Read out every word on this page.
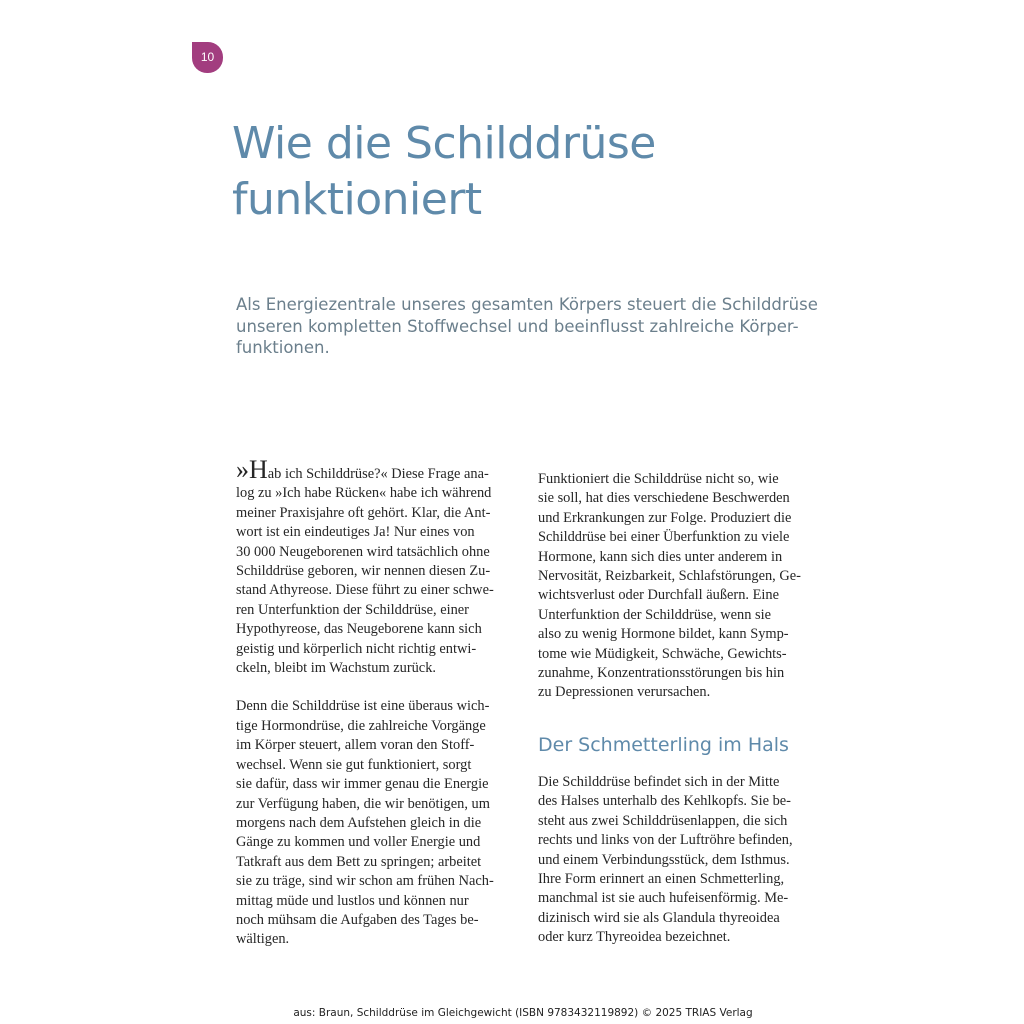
10
Wie die Schilddrüse
funktioniert

Als Energiezentrale unseres gesamten Körpers steuert die Schilddrüse
unseren kompletten Stoffwechsel und beeinflusst zahlreiche Körper-
funktionen.

»Hab ich Schilddrüse?« Diese Frage ana-
log zu »Ich habe Rücken« habe ich während
meiner Praxisjahre oft gehört. Klar, die Ant-
wort ist ein eindeutiges Ja! Nur eines von
30 000 Neugeborenen wird tatsächlich ohne
Schilddrüse geboren, wir nennen diesen Zu-
stand Athyreose. Diese führt zu einer schwe-
ren Unterfunktion der Schilddrüse, einer
Hypothyreose, das Neugeborene kann sich
geistig und körperlich nicht richtig entwi-
ckeln, bleibt im Wachstum zurück.

Denn die Schilddrüse ist eine überaus wich-
tige Hormondrüse, die zahlreiche Vorgänge
im Körper steuert, allem voran den Stoff-
wechsel. Wenn sie gut funktioniert, sorgt
sie dafür, dass wir immer genau die Energie
zur Verfügung haben, die wir benötigen, um
morgens nach dem Aufstehen gleich in die
Gänge zu kommen und voller Energie und
Tatkraft aus dem Bett zu springen; arbeitet
sie zu träge, sind wir schon am frühen Nach-
mittag müde und lustlos und können nur
noch mühsam die Aufgaben des Tages be-
wältigen.

Funktioniert die Schilddrüse nicht so, wie
sie soll, hat dies verschiedene Beschwerden
und Erkrankungen zur Folge. Produziert die
Schilddrüse bei einer Überfunktion zu viele
Hormone, kann sich dies unter anderem in
Nervosität, Reizbarkeit, Schlafstörungen, Ge-
wichtsverlust oder Durchfall äußern. Eine
Unterfunktion der Schilddrüse, wenn sie
also zu wenig Hormone bildet, kann Symp-
tome wie Müdigkeit, Schwäche, Gewichts-
zunahme, Konzentrationsstörungen bis hin
zu Depressionen verursachen.

Der Schmetterling im Hals

Die Schilddrüse befindet sich in der Mitte
des Halses unterhalb des Kehlkopfs. Sie be-
steht aus zwei Schilddrüsenlappen, die sich
rechts und links von der Luftröhre befinden,
und einem Verbindungsstück, dem Isthmus.
Ihre Form erinnert an einen Schmetterling,
manchmal ist sie auch hufeisenförmig. Me-
dizinisch wird sie als Glandula thyreoidea
oder kurz Thyreoidea bezeichnet.

aus: Braun, Schilddrüse im Gleichgewicht (ISBN 9783432119892) © 2025 TRIAS Verlag
